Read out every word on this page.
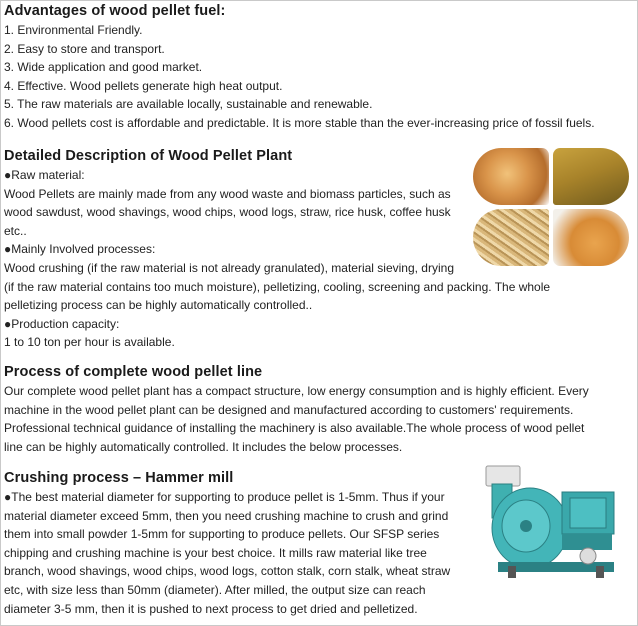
Advantages of wood pellet fuel:
1. Environmental Friendly.
2. Easy to store and transport.
3. Wide application and good market.
4. Effective. Wood pellets generate high heat output.
5. The raw materials are available locally, sustainable and renewable.
6. Wood pellets cost is affordable and predictable. It is more stable than the ever-increasing price of fossil fuels.
Detailed Description of Wood Pellet Plant
●Raw material:
Wood Pellets are mainly made from any wood waste and biomass particles, such as
wood sawdust, wood shavings, wood chips, wood logs, straw, rice husk, coffee husk
etc..
●Mainly Involved processes:
Wood crushing (if the raw material is not already granulated), material sieving, drying
(if the raw material contains too much moisture), pelletizing, cooling, screening and packing. The whole
pelletizing process can be highly automatically controlled..
●Production capacity:
1 to 10 ton per hour is available.
Process of complete wood pellet line
Our complete wood pellet plant has a compact structure, low energy consumption and is highly efficient. Every
machine in the wood pellet plant can be designed and manufactured according to customers' requirements.
Professional technical guidance of installing the machinery is also available.The whole process of wood pellet
line can be highly automatically controlled. It includes the below processes.
Crushing process – Hammer mill
●The best material diameter for supporting to produce pellet is 1-5mm. Thus if your
material diameter exceed 5mm, then you need crushing machine to crush and grind
them into small powder 1-5mm for supporting to produce pellets. Our SFSP series
chipping and crushing machine is your best choice. It mills raw material like tree
branch, wood shavings, wood chips, wood logs, cotton stalk, corn stalk, wheat straw
etc, with size less than 50mm (diameter). After milled, the output size can reach
diameter 3-5 mm, then it is pushed to next process to get dried and pelletized.
